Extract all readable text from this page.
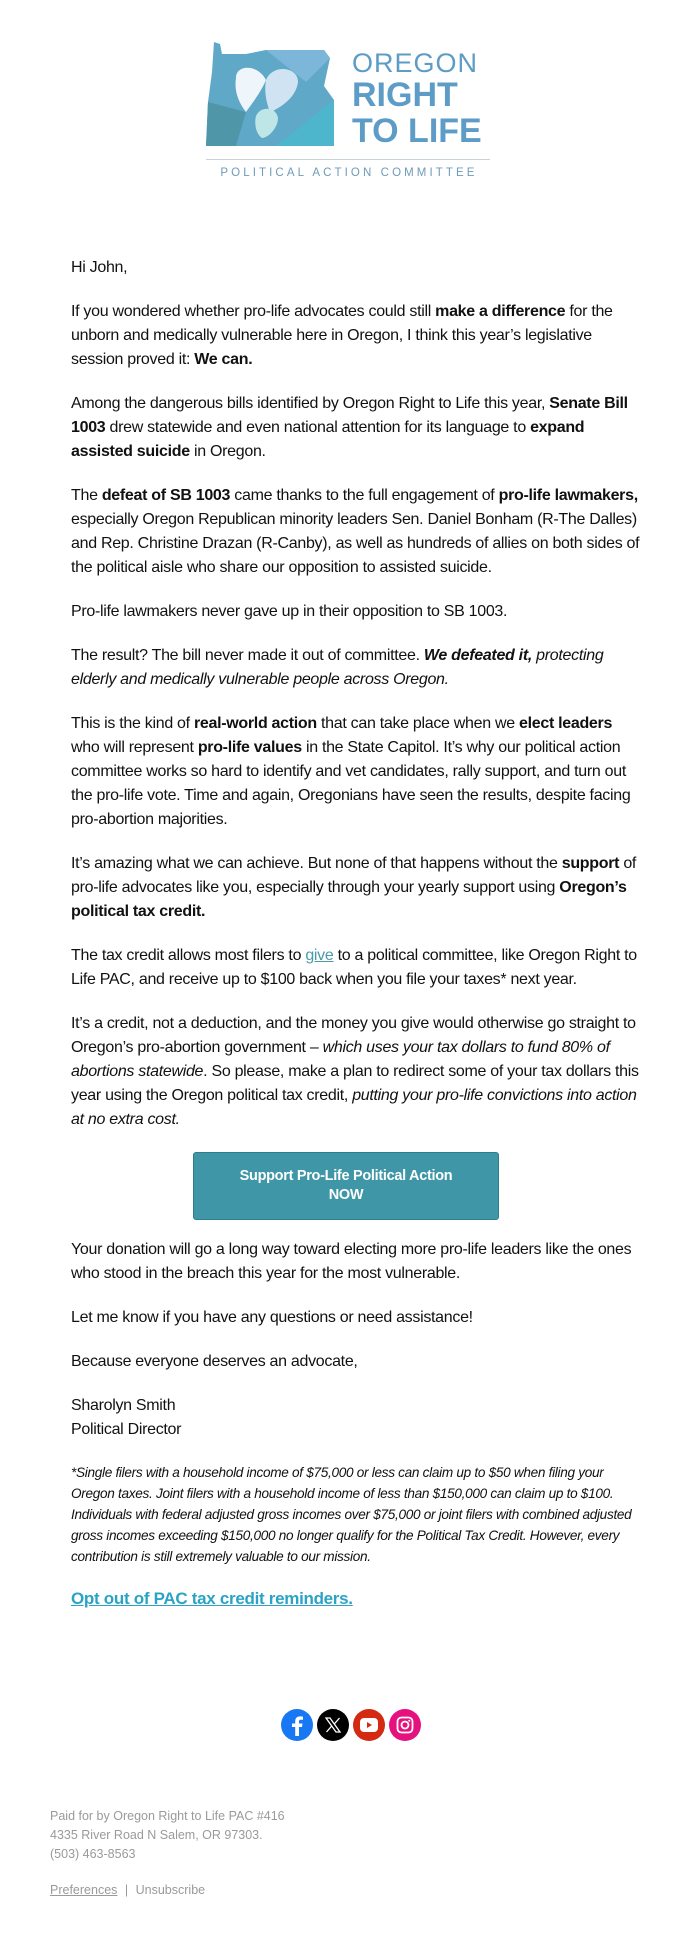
OREGON
RIGHT
TO LIFE
POLITICAL ACTION COMMITTEE

Hi John,

If you wondered whether pro-life advocates could still make a difference for the unborn and medically vulnerable here in Oregon, I think this year’s legislative session proved it: We can.

Among the dangerous bills identified by Oregon Right to Life this year, Senate Bill 1003 drew statewide and even national attention for its language to expand assisted suicide in Oregon.

The defeat of SB 1003 came thanks to the full engagement of pro-life lawmakers, especially Oregon Republican minority leaders Sen. Daniel Bonham (R-The Dalles) and Rep. Christine Drazan (R-Canby), as well as hundreds of allies on both sides of the political aisle who share our opposition to assisted suicide.

Pro-life lawmakers never gave up in their opposition to SB 1003.

The result? The bill never made it out of committee. We defeated it, protecting elderly and medically vulnerable people across Oregon.

This is the kind of real-world action that can take place when we elect leaders who will represent pro-life values in the State Capitol. It’s why our political action committee works so hard to identify and vet candidates, rally support, and turn out the pro-life vote. Time and again, Oregonians have seen the results, despite facing pro-abortion majorities.

It’s amazing what we can achieve. But none of that happens without the support of pro-life advocates like you, especially through your yearly support using Oregon’s political tax credit.

The tax credit allows most filers to give to a political committee, like Oregon Right to Life PAC, and receive up to $100 back when you file your taxes* next year.

It’s a credit, not a deduction, and the money you give would otherwise go straight to Oregon’s pro-abortion government – which uses your tax dollars to fund 80% of abortions statewide. So please, make a plan to redirect some of your tax dollars this year using the Oregon political tax credit, putting your pro-life convictions into action at no extra cost.

Support Pro-Life Political Action NOW

Your donation will go a long way toward electing more pro-life leaders like the ones who stood in the breach this year for the most vulnerable.

Let me know if you have any questions or need assistance!

Because everyone deserves an advocate,

Sharolyn Smith
Political Director

*Single filers with a household income of $75,000 or less can claim up to $50 when filing your Oregon taxes. Joint filers with a household income of less than $150,000 can claim up to $100. Individuals with federal adjusted gross incomes over $75,000 or joint filers with combined adjusted gross incomes exceeding $150,000 no longer qualify for the Political Tax Credit. However, every contribution is still extremely valuable to our mission.

Opt out of PAC tax credit reminders.
Paid for by Oregon Right to Life PAC #416
4335 River Road N Salem, OR 97303.
(503) 463-8563
Preferences | Unsubscribe
